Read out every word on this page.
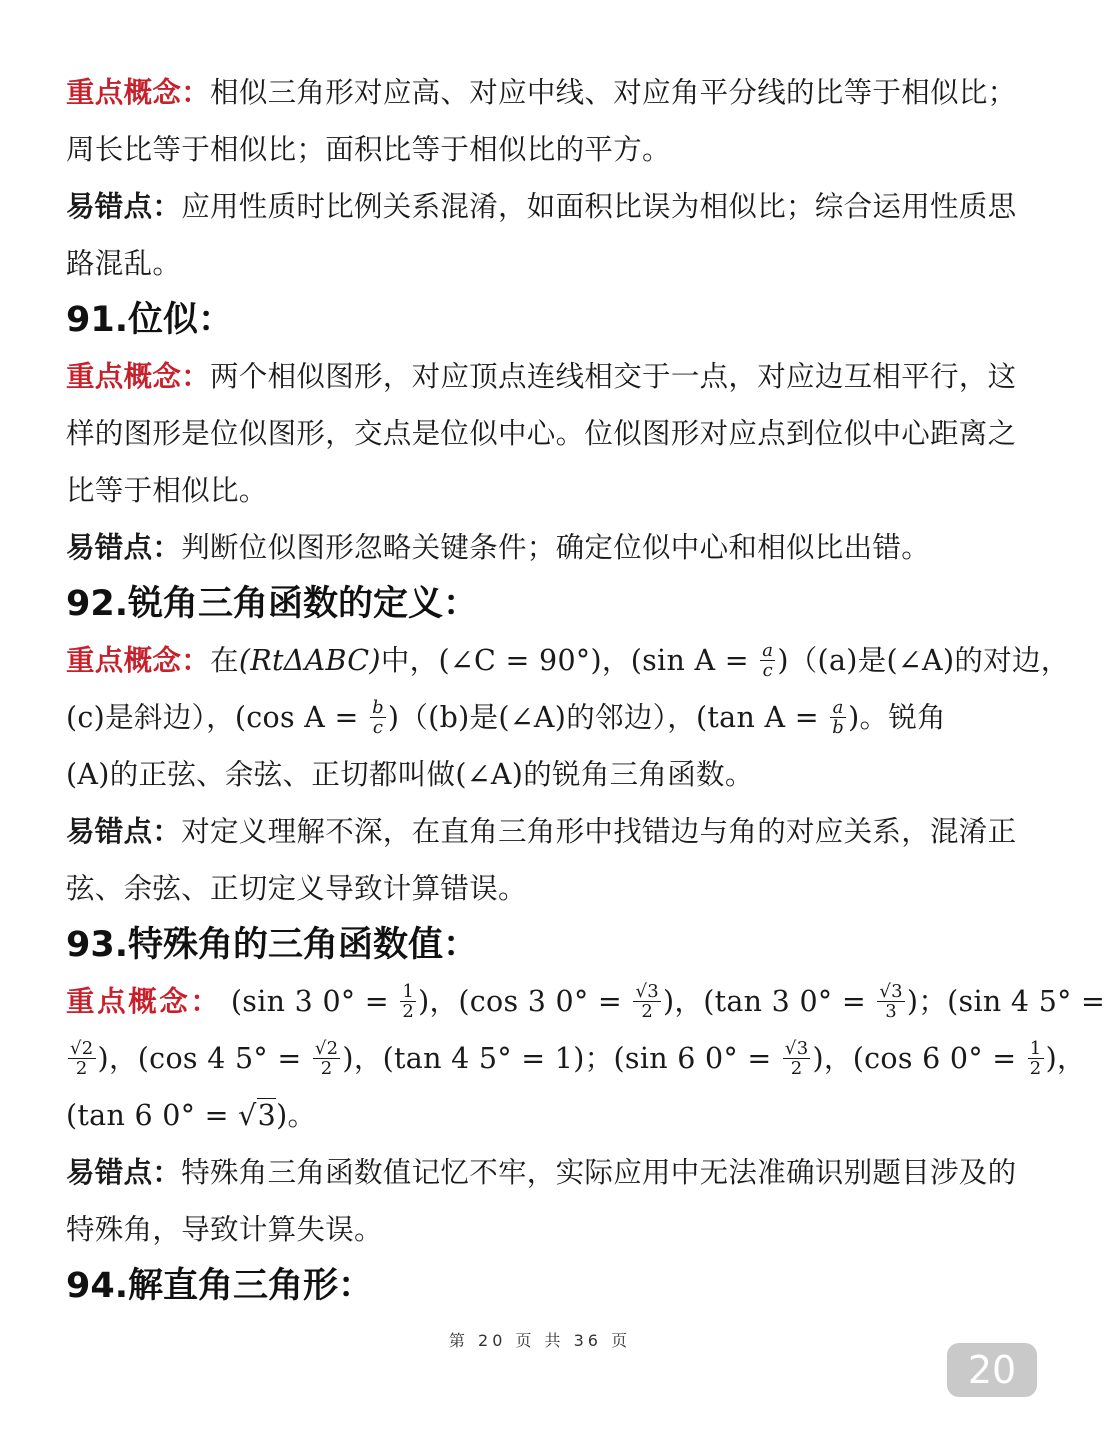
重点概念：相似三角形对应高、对应中线、对应角平分线的比等于相似比；
周长比等于相似比；面积比等于相似比的平方。
易错点：应用性质时比例关系混淆，如面积比误为相似比；综合运用性质思
路混乱。
91.位似：
重点概念：两个相似图形，对应顶点连线相交于一点，对应边互相平行，这
样的图形是位似图形，交点是位似中心。位似图形对应点到位似中心距离之
比等于相似比。
易错点：判断位似图形忽略关键条件；确定位似中心和相似比出错。
92.锐角三角函数的定义：
重点概念：在(RtΔABC)中，(∠C = 90°)，(sin $A = \frac{a}{c} )((a)$是(∠A)的对边，
(c)是斜边），(cos $A = \frac{b}{c} )((b)$是(∠A)的邻边），(tan $A = \frac{a}{b}$ )。锐角
(A)的正弦、余弦、正切都叫做(∠A)的锐角三角函数。
易错点：对定义理解不深，在直角三角形中找错边与角的对应关系，混淆正
弦、余弦、正切定义导致计算错误。
93.特殊角的三角函数值：
重点概念： (sin 3 $0^\circ = \frac{1}{2}$ )，(cos 3 $0^\circ = \frac{√3}{2}$ )，(tan 3 $0^\circ = \frac{√3}{3}$ )；(sin 4 5° =
$\frac{√2}{2}$ )，(cos 4 $5^\circ = \frac{√2}{2}$ )，(tan 4 5° = 1)；(sin 6 $0^\circ = \frac{√3}{2}$ )，(cos 6 $0^\circ = \frac{1}{2}$ )，
(tan 6 0° = √3)。
易错点：特殊角三角函数值记忆不牢，实际应用中无法准确识别题目涉及的
特殊角，导致计算失误。
94.解直角三角形：
第 20 页 共 36 页
20
